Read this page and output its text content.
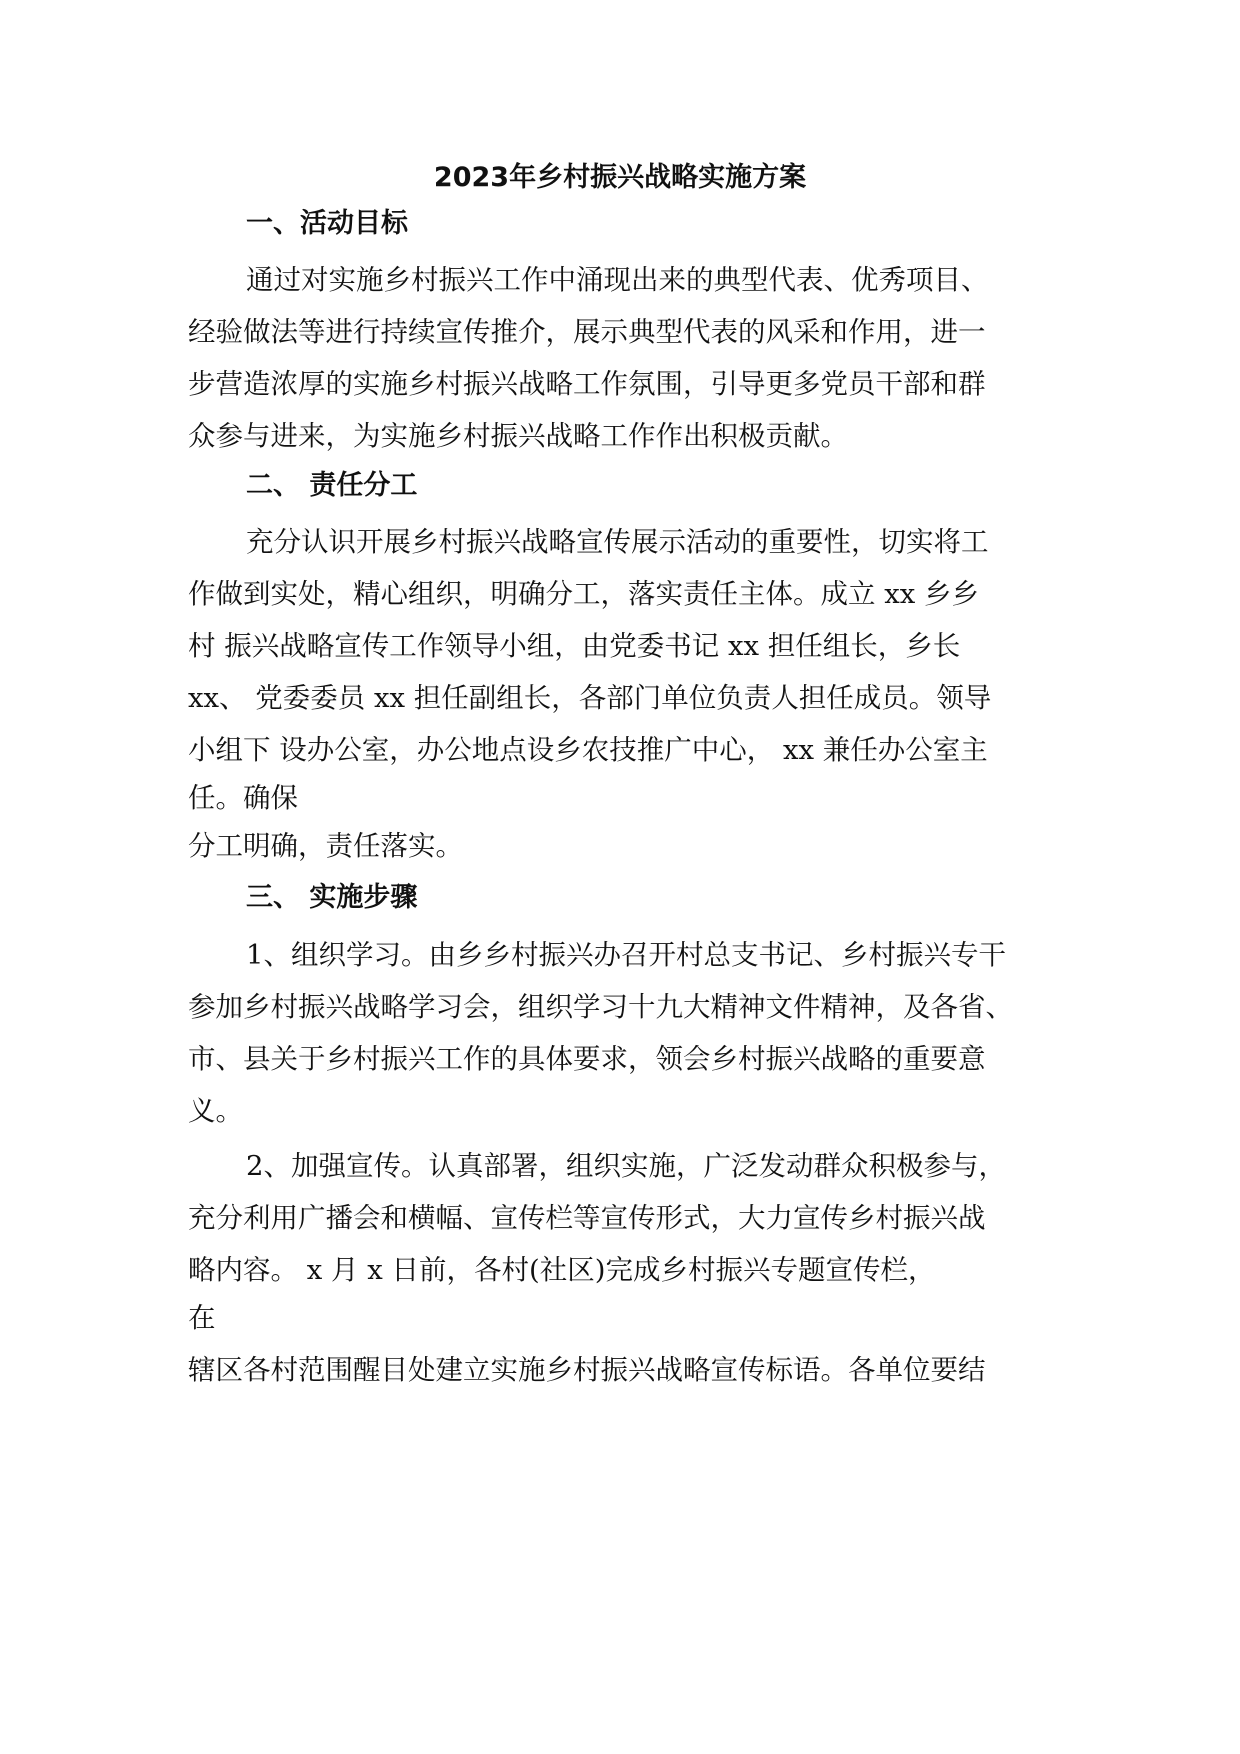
2023年乡村振兴战略实施方案
一、活动目标
通过对实施乡村振兴工作中涌现出来的典型代表、优秀项目、
经验做法等进行持续宣传推介，展示典型代表的风采和作用，进一
步营造浓厚的实施乡村振兴战略工作氛围，引导更多党员干部和群
众参与进来，为实施乡村振兴战略工作作出积极贡献。
二、 责任分工
充分认识开展乡村振兴战略宣传展示活动的重要性，切实将工
作做到实处，精心组织，明确分工，落实责任主体。成立 xx 乡乡
村 振兴战略宣传工作领导小组，由党委书记 xx 担任组长，乡长
xx、 党委委员 xx 担任副组长，各部门单位负责人担任成员。领导
小组下 设办公室，办公地点设乡农技推广中心， xx 兼任办公室主
任。确保
分工明确，责任落实。
三、 实施步骤
1、组织学习。由乡乡村振兴办召开村总支书记、乡村振兴专干
参加乡村振兴战略学习会，组织学习十九大精神文件精神，及各省、
市、县关于乡村振兴工作的具体要求，领会乡村振兴战略的重要意
义。
2、加强宣传。认真部署，组织实施，广泛发动群众积极参与，
充分利用广播会和横幅、宣传栏等宣传形式，大力宣传乡村振兴战
略内容。 x 月 x 日前，各村(社区)完成乡村振兴专题宣传栏，
在
辖区各村范围醒目处建立实施乡村振兴战略宣传标语。各单位要结
